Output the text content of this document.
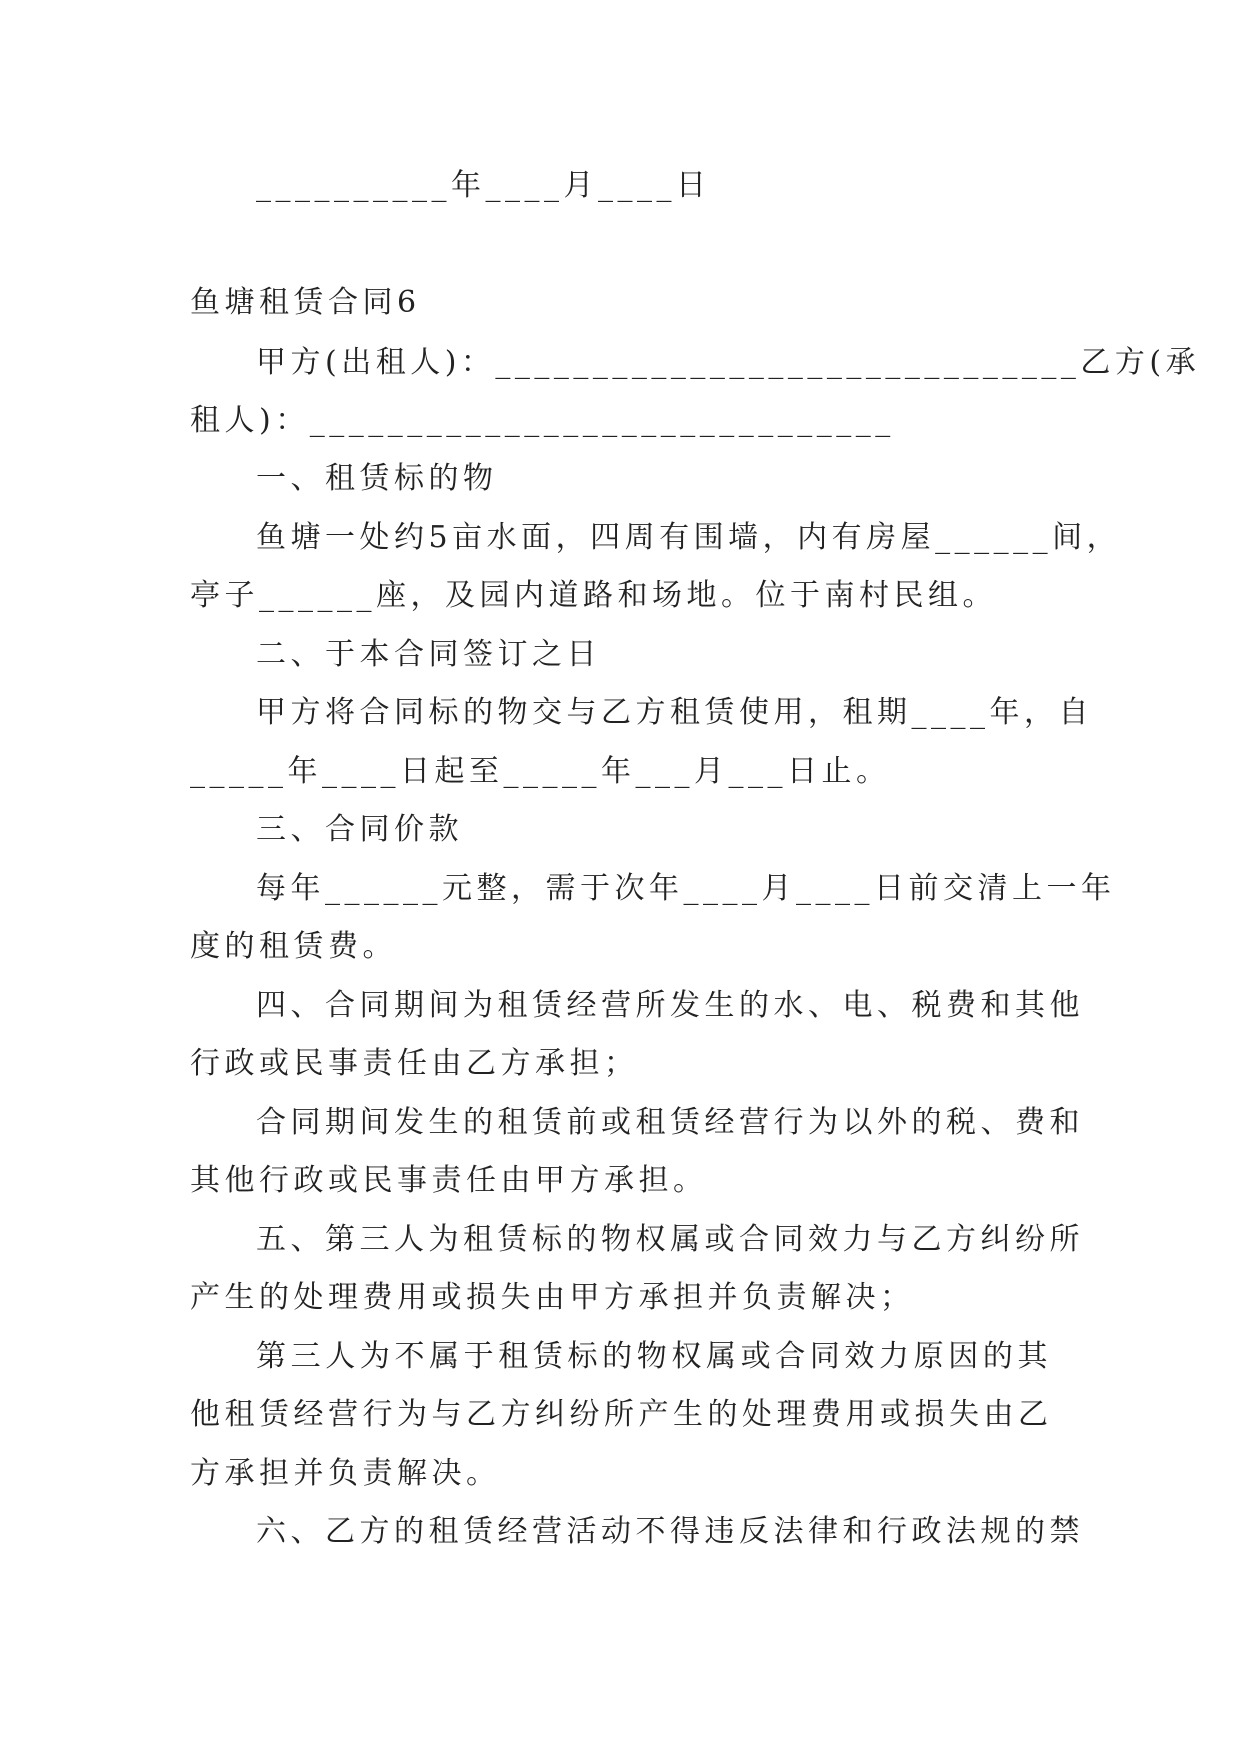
__________年____月____日
鱼塘租赁合同6
甲方(出租人)：______________________________乙方(承
租人)：______________________________
一、租赁标的物
鱼塘一处约5亩水面，四周有围墙，内有房屋______间，
亭子______座，及园内道路和场地。位于南村民组。
二、于本合同签订之日
甲方将合同标的物交与乙方租赁使用，租期____年，自
_____年____日起至_____年___月___日止。
三、合同价款
每年______元整，需于次年____月____日前交清上一年
度的租赁费。
四、合同期间为租赁经营所发生的水、电、税费和其他
行政或民事责任由乙方承担；
合同期间发生的租赁前或租赁经营行为以外的税、费和
其他行政或民事责任由甲方承担。
五、第三人为租赁标的物权属或合同效力与乙方纠纷所
产生的处理费用或损失由甲方承担并负责解决；
第三人为不属于租赁标的物权属或合同效力原因的其
他租赁经营行为与乙方纠纷所产生的处理费用或损失由乙
方承担并负责解决。
六、乙方的租赁经营活动不得违反法律和行政法规的禁
